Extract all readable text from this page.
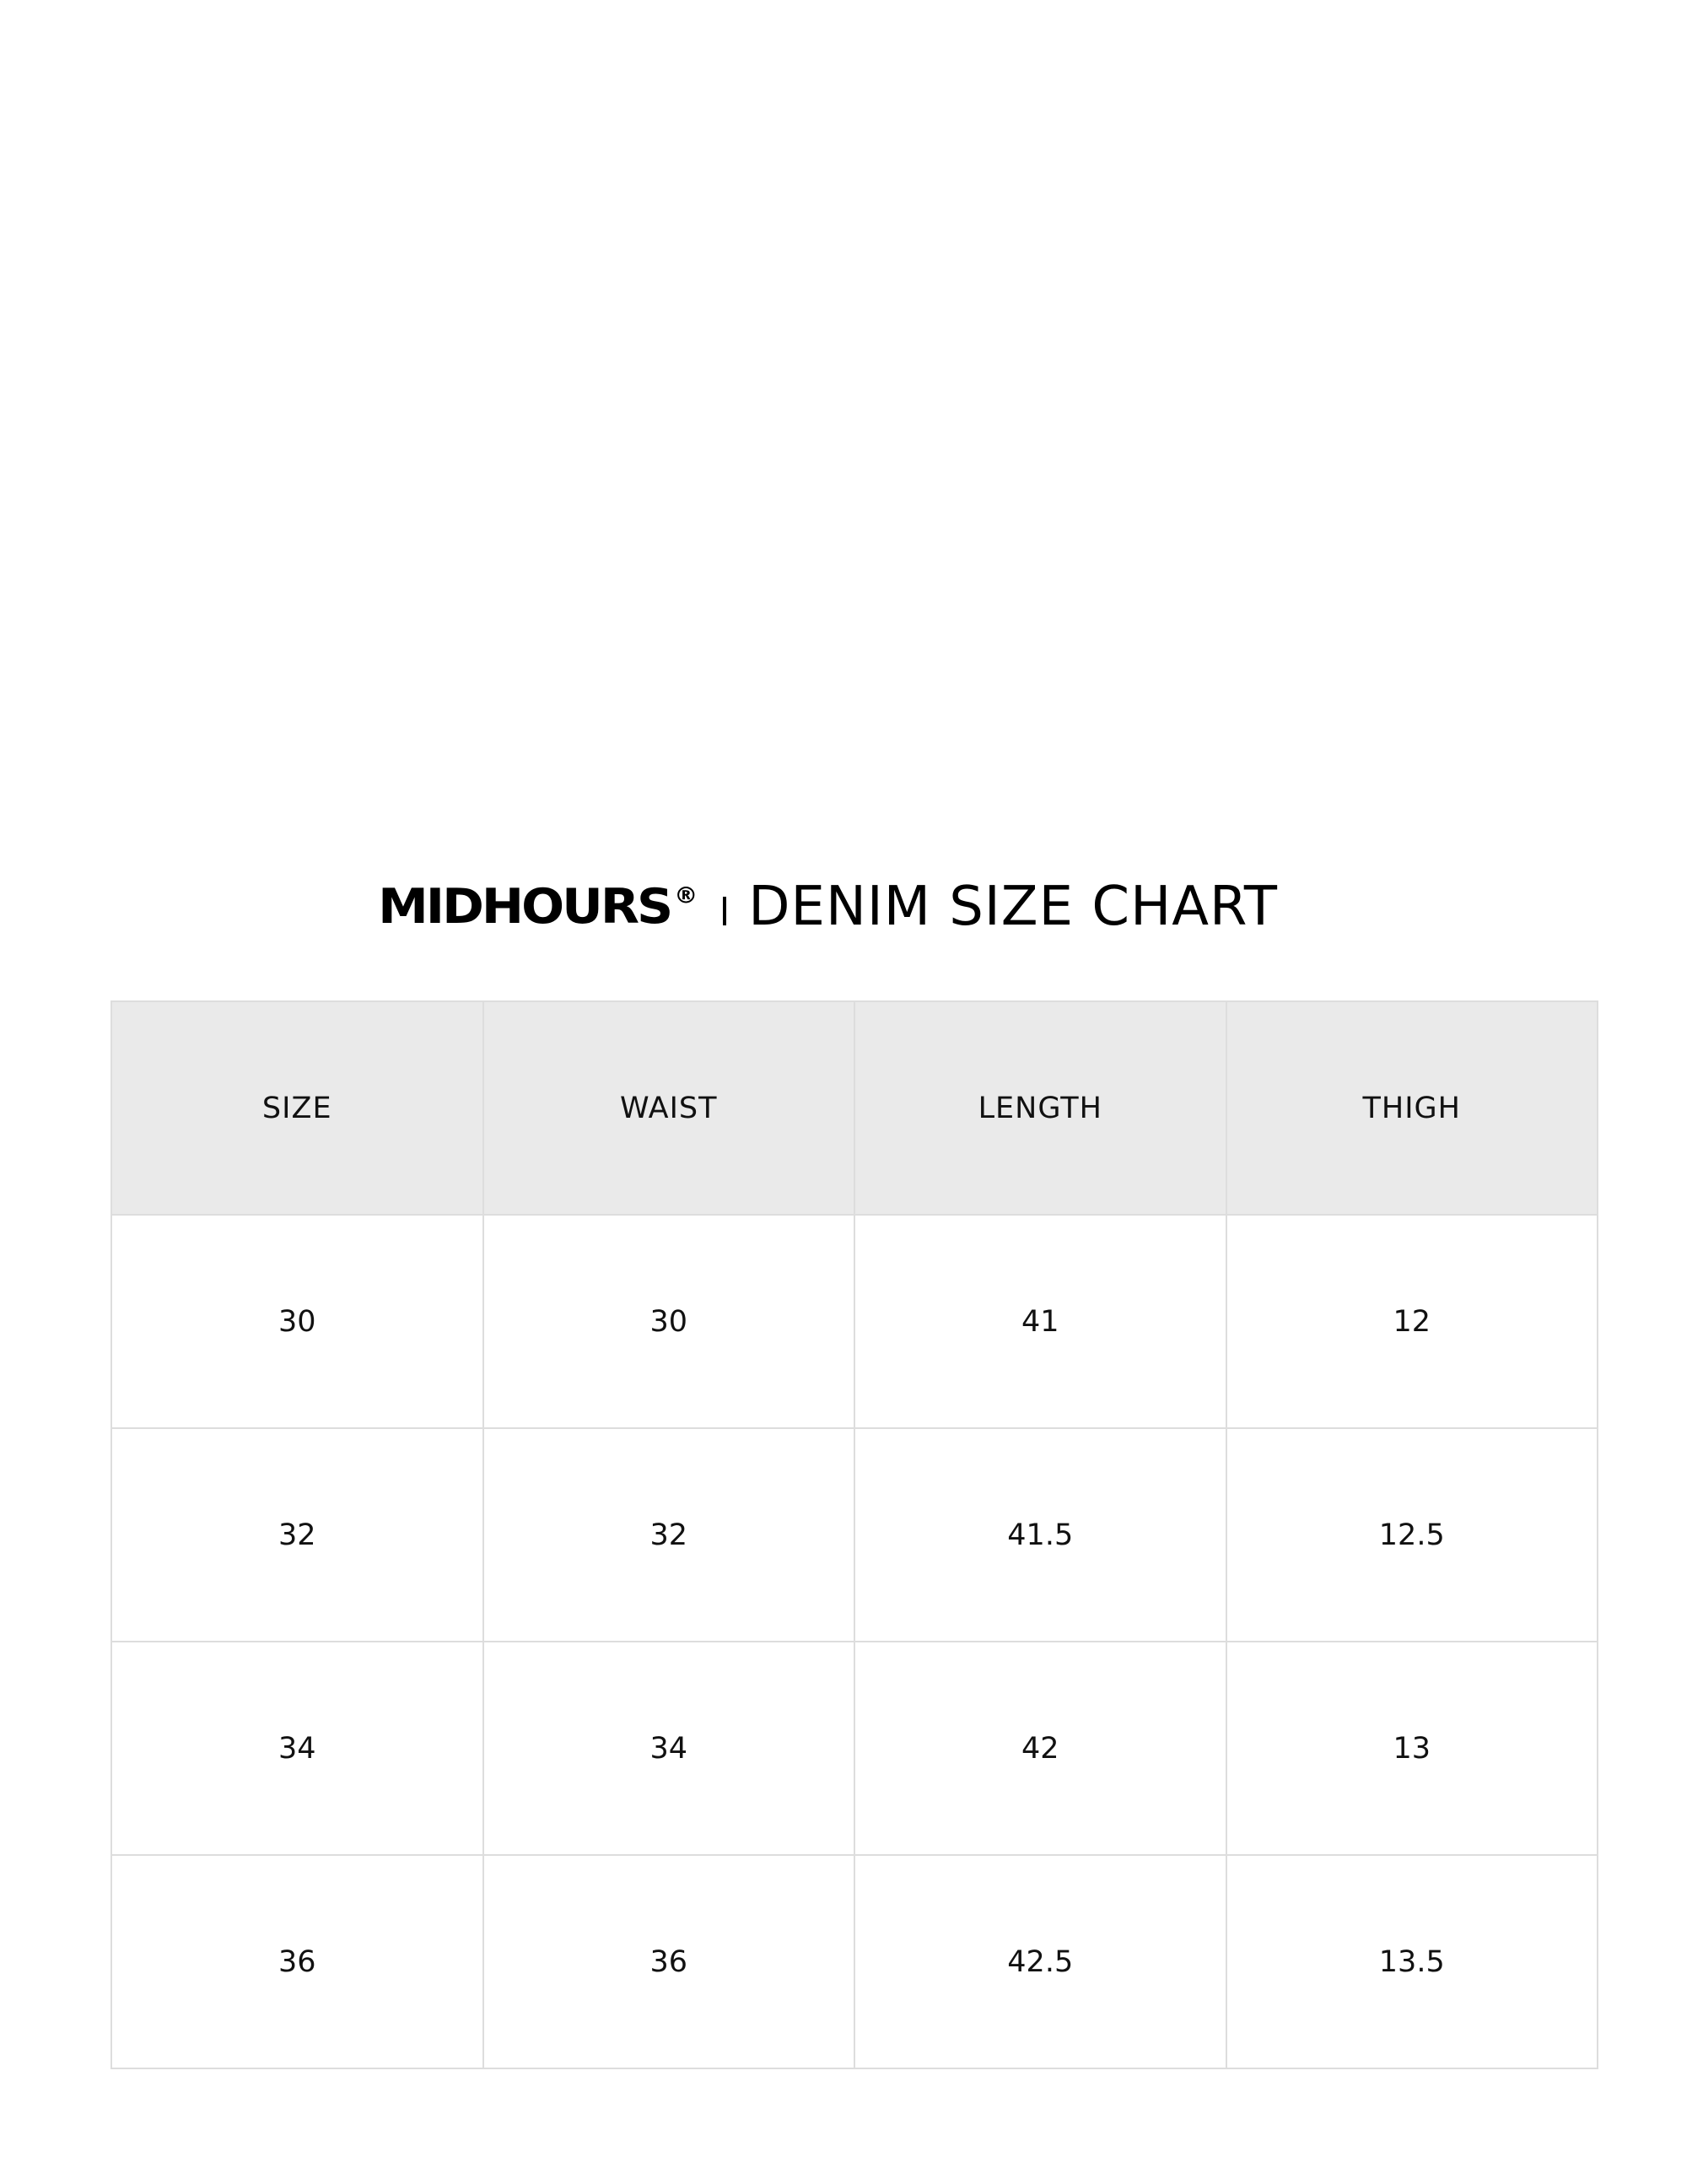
MIDHOURS ® DENIM SIZE CHART
SIZE	WAIST	LENGTH	THIGH
30	30	41	12
32	32	41.5	12.5
34	34	42	13
36	36	42.5	13.5
